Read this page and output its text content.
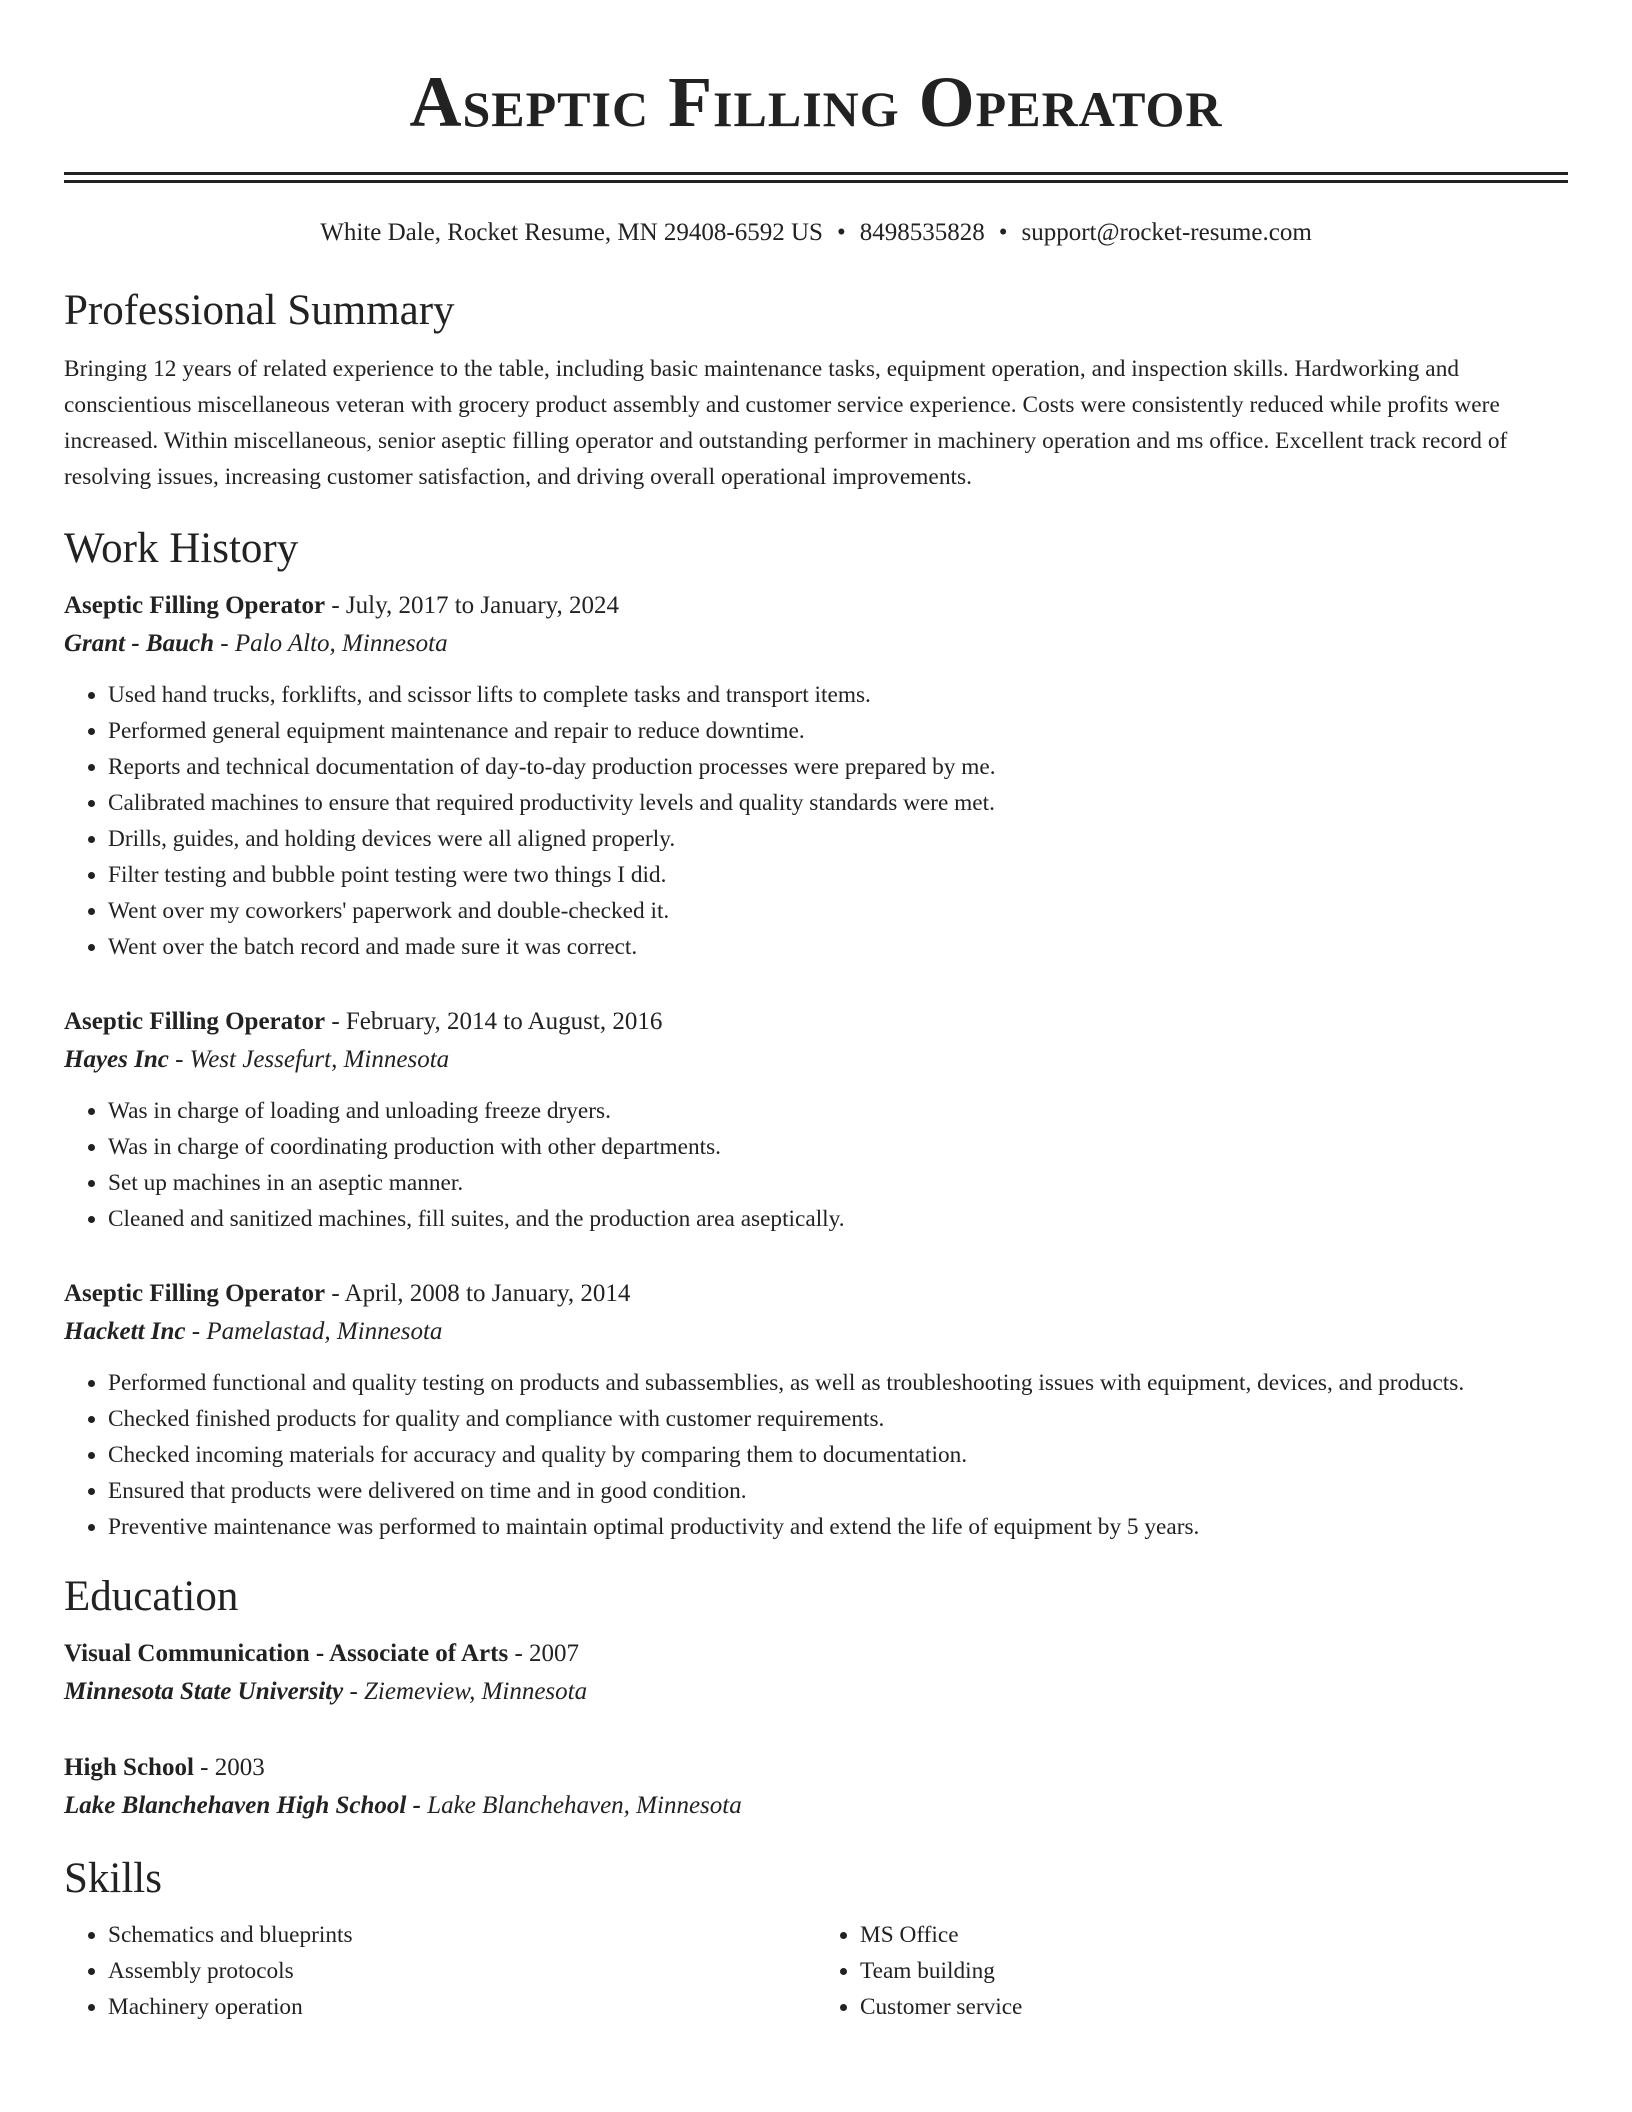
Aseptic Filling Operator
White Dale, Rocket Resume, MN 29408-6592 US • 8498535828 • support@rocket-resume.com
Professional Summary
Bringing 12 years of related experience to the table, including basic maintenance tasks, equipment operation, and inspection skills. Hardworking and conscientious miscellaneous veteran with grocery product assembly and customer service experience. Costs were consistently reduced while profits were increased. Within miscellaneous, senior aseptic filling operator and outstanding performer in machinery operation and ms office. Excellent track record of resolving issues, increasing customer satisfaction, and driving overall operational improvements.
Work History
Aseptic Filling Operator - July, 2017 to January, 2024
Grant - Bauch - Palo Alto, Minnesota
• Used hand trucks, forklifts, and scissor lifts to complete tasks and transport items.
• Performed general equipment maintenance and repair to reduce downtime.
• Reports and technical documentation of day-to-day production processes were prepared by me.
• Calibrated machines to ensure that required productivity levels and quality standards were met.
• Drills, guides, and holding devices were all aligned properly.
• Filter testing and bubble point testing were two things I did.
• Went over my coworkers' paperwork and double-checked it.
• Went over the batch record and made sure it was correct.
Aseptic Filling Operator - February, 2014 to August, 2016
Hayes Inc - West Jessefurt, Minnesota
• Was in charge of loading and unloading freeze dryers.
• Was in charge of coordinating production with other departments.
• Set up machines in an aseptic manner.
• Cleaned and sanitized machines, fill suites, and the production area aseptically.
Aseptic Filling Operator - April, 2008 to January, 2014
Hackett Inc - Pamelastad, Minnesota
• Performed functional and quality testing on products and subassemblies, as well as troubleshooting issues with equipment, devices, and products.
• Checked finished products for quality and compliance with customer requirements.
• Checked incoming materials for accuracy and quality by comparing them to documentation.
• Ensured that products were delivered on time and in good condition.
• Preventive maintenance was performed to maintain optimal productivity and extend the life of equipment by 5 years.
Education
Visual Communication - Associate of Arts - 2007
Minnesota State University - Ziemeview, Minnesota
High School - 2003
Lake Blanchehaven High School - Lake Blanchehaven, Minnesota
Skills
• Schematics and blueprints
• Assembly protocols
• Machinery operation
• MS Office
• Team building
• Customer service
